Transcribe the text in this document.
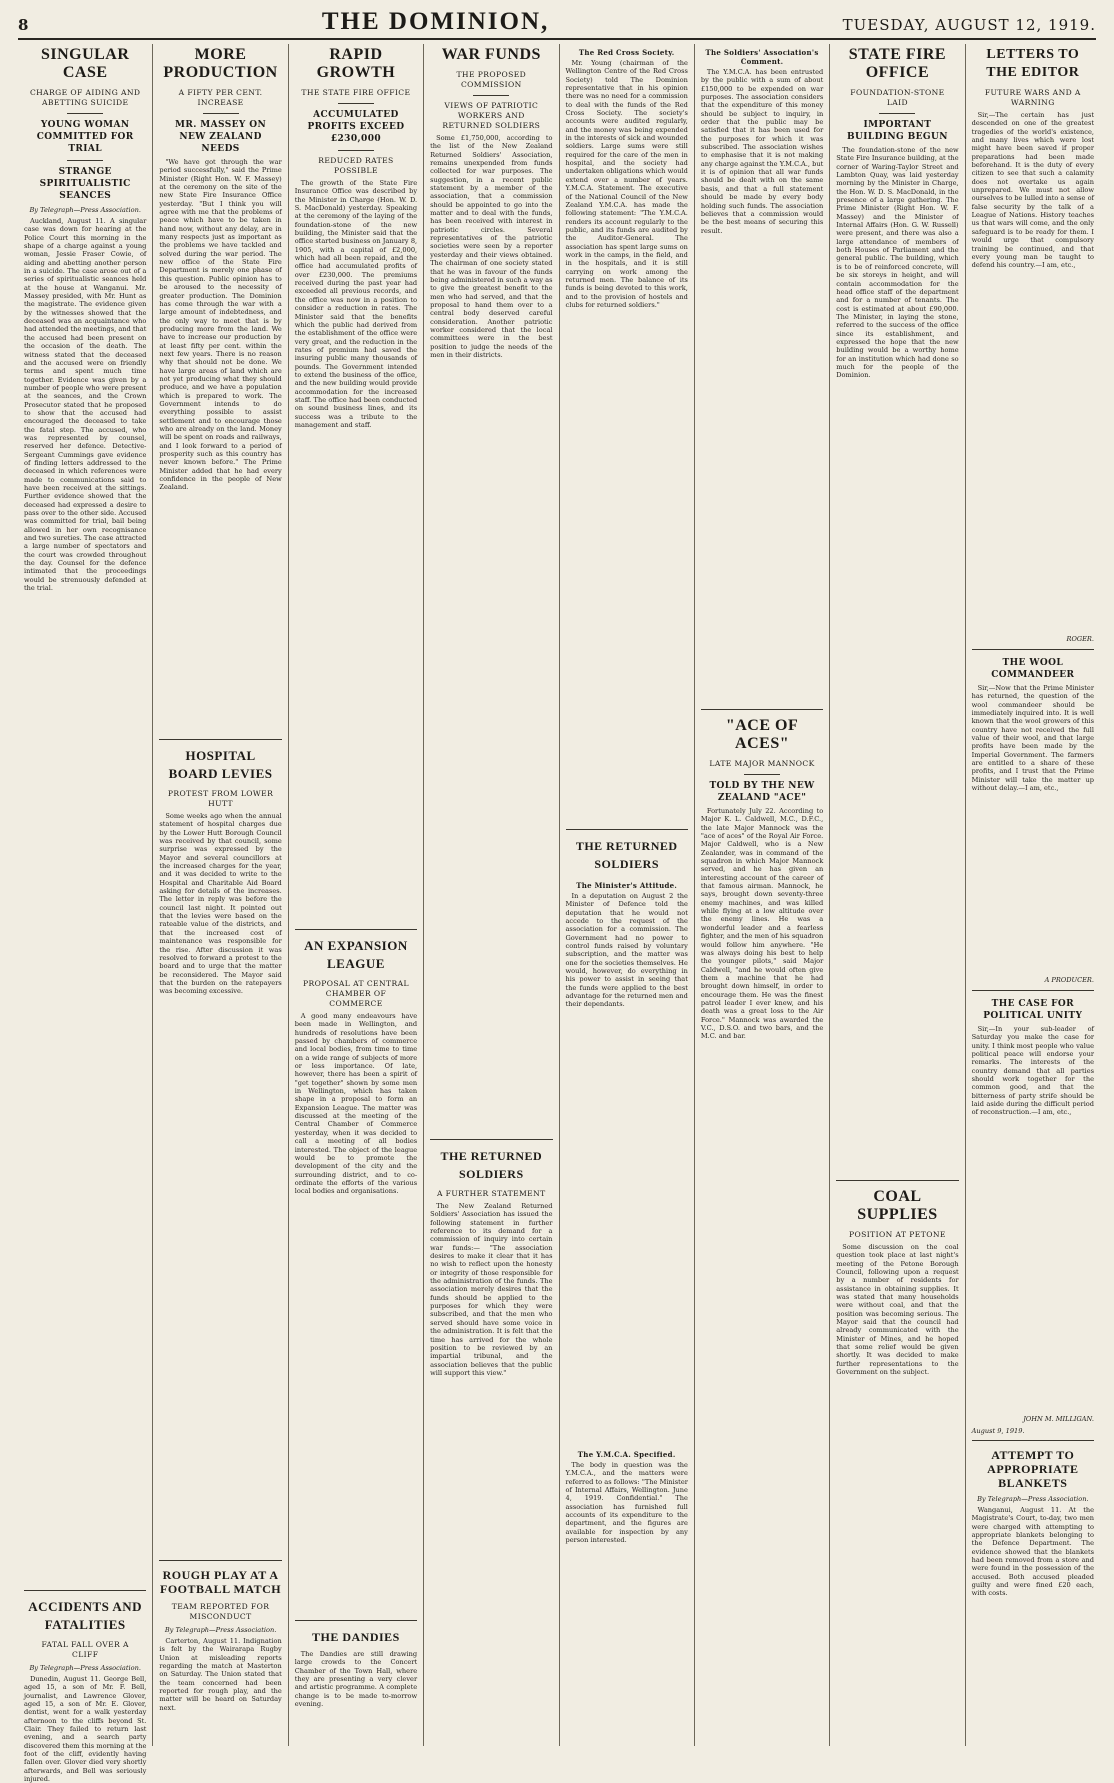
8	THE DOMINION,	TUESDAY, AUGUST 12, 1919.
SINGULAR CASE
CHARGE OF AIDING AND ABETTING SUICIDE
YOUNG WOMAN COMMITTED FOR TRIAL
STRANGE SPIRITUALISTIC SEANCES
By Telegraph—Press Association.

Auckland, August 11. A singular case was down for hearing at the Police Court this morning in the shape of a charge against a young woman, Jessie Fraser Cowie, of aiding and abetting another person in a suicide. The case arose out of a series of spiritualistic seances held at the house at Wanganui. Mr. Massey presided, with Mr. Hunt as the magistrate. The evidence given by the witnesses showed that the deceased was an acquaintance who had attended the meetings, and that the accused had been present on the occasion of the death. The witness stated that the deceased and the accused were on friendly terms and spent much time together. Evidence was given by a number of people who were present at the seances, and the Crown Prosecutor stated that he proposed to show that the accused had encouraged the deceased to take the fatal step. The accused, who was represented by counsel, reserved her defence. Detective-Sergeant Cummings gave evidence of finding letters addressed to the deceased in which references were made to communications said to have been received at the sittings. Further evidence showed that the deceased had expressed a desire to pass over to the other side. Accused was committed for trial, bail being allowed in her own recognisance and two sureties. The case attracted a large number of spectators and the court was crowded throughout the day. Counsel for the defence intimated that the proceedings would be strenuously defended at the trial.

ACCIDENTS AND FATALITIES
FATAL FALL OVER A CLIFF
By Telegraph—Press Association.

Dunedin, August 11. George Bell, aged 15, a son of Mr. F. Bell, journalist, and Lawrence Glover, aged 15, a son of Mr. E. Glover, dentist, went for a walk yesterday afternoon to the cliffs beyond St. Clair. They failed to return last evening, and a search party discovered them this morning at the foot of the cliff, evidently having fallen over. Glover died very shortly afterwards, and Bell was seriously injured.

MORE PRODUCTION
A FIFTY PER CENT. INCREASE
MR. MASSEY ON NEW ZEALAND NEEDS

"We have got through the war period successfully," said the Prime Minister (Right Hon. W. F. Massey) at the ceremony on the site of the new State Fire Insurance Office yesterday. "But I think you will agree with me that the problems of peace which have to be taken in hand now, without any delay, are in many respects just as important as the problems we have tackled and solved during the war period. The new office of the State Fire Department is merely one phase of this question. Public opinion has to be aroused to the necessity of greater production. The Dominion has come through the war with a large amount of indebtedness, and the only way to meet that is by producing more from the land. We have to increase our production by at least fifty per cent. within the next few years. There is no reason why that should not be done. We have large areas of land which are not yet producing what they should produce, and we have a population which is prepared to work. The Government intends to do everything possible to assist settlement and to encourage those who are already on the land. Money will be spent on roads and railways, and I look forward to a period of prosperity such as this country has never known before." The Prime Minister added that he had every confidence in the people of New Zealand.

HOSPITAL BOARD LEVIES
PROTEST FROM LOWER HUTT

Some weeks ago when the annual statement of hospital charges due by the Lower Hutt Borough Council was received by that council, some surprise was expressed by the Mayor and several councillors at the increased charges for the year, and it was decided to write to the Hospital and Charitable Aid Board asking for details of the increases. The letter in reply was before the council last night. It pointed out that the levies were based on the rateable value of the districts, and that the increased cost of maintenance was responsible for the rise. After discussion it was resolved to forward a protest to the board and to urge that the matter be reconsidered. The Mayor said that the burden on the ratepayers was becoming excessive.

ROUGH PLAY AT A FOOTBALL MATCH
TEAM REPORTED FOR MISCONDUCT
By Telegraph—Press Association.

Carterton, August 11. Indignation is felt by the Wairarapa Rugby Union at misleading reports regarding the match at Masterton on Saturday. The Union stated that the team concerned had been reported for rough play, and the matter will be heard on Saturday next.

RAPID GROWTH
THE STATE FIRE OFFICE
ACCUMULATED PROFITS EXCEED £230,000
REDUCED RATES POSSIBLE

The growth of the State Fire Insurance Office was described by the Minister in Charge (Hon. W. D. S. MacDonald) yesterday. Speaking at the ceremony of the laying of the foundation-stone of the new building, the Minister said that the office started business on January 8, 1905, with a capital of £2,000, which had all been repaid, and the office had accumulated profits of over £230,000. The premiums received during the past year had exceeded all previous records, and the office was now in a position to consider a reduction in rates. The Minister said that the benefits which the public had derived from the establishment of the office were very great, and the reduction in the rates of premium had saved the insuring public many thousands of pounds. The Government intended to extend the business of the office, and the new building would provide accommodation for the increased staff. The office had been conducted on sound business lines, and its success was a tribute to the management and staff.

AN EXPANSION LEAGUE
PROPOSAL AT CENTRAL CHAMBER OF COMMERCE

A good many endeavours have been made in Wellington, and hundreds of resolutions have been passed by chambers of commerce and local bodies, from time to time on a wide range of subjects of more or less importance. Of late, however, there has been a spirit of "get together" shown by some men in Wellington, which has taken shape in a proposal to form an Expansion League. The matter was discussed at the meeting of the Central Chamber of Commerce yesterday, when it was decided to call a meeting of all bodies interested. The object of the league would be to promote the development of the city and the surrounding district, and to co-ordinate the efforts of the various local bodies and organisations.

THE DANDIES

The Dandies are still drawing large crowds to the Concert Chamber of the Town Hall, where they are presenting a very clever and artistic programme. A complete change is to be made to-morrow evening.

WAR FUNDS
THE PROPOSED COMMISSION
VIEWS OF PATRIOTIC WORKERS AND RETURNED SOLDIERS

Some £1,750,000, according to the list of the New Zealand Returned Soldiers' Association, remains unexpended from funds collected for war purposes. The suggestion, in a recent public statement by a member of the association, that a commission should be appointed to go into the matter and to deal with the funds, has been received with interest in patriotic circles. Several representatives of the patriotic societies were seen by a reporter yesterday and their views obtained. The chairman of one society stated that he was in favour of the funds being administered in such a way as to give the greatest benefit to the men who had served, and that the proposal to hand them over to a central body deserved careful consideration. Another patriotic worker considered that the local committees were in the best position to judge the needs of the men in their districts.

THE RETURNED SOLDIERS
A FURTHER STATEMENT

The New Zealand Returned Soldiers' Association has issued the following statement in further reference to its demand for a commission of inquiry into certain war funds:— "The association desires to make it clear that it has no wish to reflect upon the honesty or integrity of those responsible for the administration of the funds. The association merely desires that the funds should be applied to the purposes for which they were subscribed, and that the men who served should have some voice in the administration. It is felt that the time has arrived for the whole position to be reviewed by an impartial tribunal, and the association believes that the public will support this view."

The Red Cross Society.

Mr. Young (chairman of the Wellington Centre of the Red Cross Society) told The Dominion representative that in his opinion there was no need for a commission to deal with the funds of the Red Cross Society. The society's accounts were audited regularly, and the money was being expended in the interests of sick and wounded soldiers. Large sums were still required for the care of the men in hospital, and the society had undertaken obligations which would extend over a number of years. Y.M.C.A. Statement. The executive of the National Council of the New Zealand Y.M.C.A. has made the following statement: "The Y.M.C.A. renders its account regularly to the public, and its funds are audited by the Auditor-General. The association has spent large sums on work in the camps, in the field, and in the hospitals, and it is still carrying on work among the returned men. The balance of its funds is being devoted to this work, and to the provision of hostels and clubs for returned soldiers."

THE RETURNED SOLDIERS
The Minister's Attitude.

In a deputation on August 2 the Minister of Defence told the deputation that he would not accede to the request of the association for a commission. The Government had no power to control funds raised by voluntary subscription, and the matter was one for the societies themselves. He would, however, do everything in his power to assist in seeing that the funds were applied to the best advantage for the returned men and their dependants.

The Y.M.C.A. Specified.

The body in question was the Y.M.C.A., and the matters were referred to as follows: "The Minister of Internal Affairs, Wellington. June 4, 1919. Confidential." The association has furnished full accounts of its expenditure to the department, and the figures are available for inspection by any person interested.

The Soldiers' Association's Comment.

The Y.M.C.A. has been entrusted by the public with a sum of about £150,000 to be expended on war purposes. The association considers that the expenditure of this money should be subject to inquiry, in order that the public may be satisfied that it has been used for the purposes for which it was subscribed. The association wishes to emphasise that it is not making any charge against the Y.M.C.A., but it is of opinion that all war funds should be dealt with on the same basis, and that a full statement should be made by every body holding such funds. The association believes that a commission would be the best means of securing this result.

"ACE OF ACES"
LATE MAJOR MANNOCK
TOLD BY THE NEW ZEALAND "ACE"

Fortunately July 22. According to Major K. L. Caldwell, M.C., D.F.C., the late Major Mannock was the "ace of aces" of the Royal Air Force. Major Caldwell, who is a New Zealander, was in command of the squadron in which Major Mannock served, and he has given an interesting account of the career of that famous airman. Mannock, he says, brought down seventy-three enemy machines, and was killed while flying at a low altitude over the enemy lines. He was a wonderful leader and a fearless fighter, and the men of his squadron would follow him anywhere. "He was always doing his best to help the younger pilots," said Major Caldwell, "and he would often give them a machine that he had brought down himself, in order to encourage them. He was the finest patrol leader I ever knew, and his death was a great loss to the Air Force." Mannock was awarded the V.C., D.S.O. and two bars, and the M.C. and bar.

STATE FIRE OFFICE
FOUNDATION-STONE LAID
IMPORTANT BUILDING BEGUN

The foundation-stone of the new State Fire Insurance building, at the corner of Waring-Taylor Street and Lambton Quay, was laid yesterday morning by the Minister in Charge, the Hon. W. D. S. MacDonald, in the presence of a large gathering. The Prime Minister (Right Hon. W. F. Massey) and the Minister of Internal Affairs (Hon. G. W. Russell) were present, and there was also a large attendance of members of both Houses of Parliament and the general public. The building, which is to be of reinforced concrete, will be six storeys in height, and will contain accommodation for the head office staff of the department and for a number of tenants. The cost is estimated at about £90,000. The Minister, in laying the stone, referred to the success of the office since its establishment, and expressed the hope that the new building would be a worthy home for an institution which had done so much for the people of the Dominion.

COAL SUPPLIES
POSITION AT PETONE

Some discussion on the coal question took place at last night's meeting of the Petone Borough Council, following upon a request by a number of residents for assistance in obtaining supplies. It was stated that many households were without coal, and that the position was becoming serious. The Mayor said that the council had already communicated with the Minister of Mines, and he hoped that some relief would be given shortly. It was decided to make further representations to the Government on the subject.

LETTERS TO THE EDITOR
FUTURE WARS AND A WARNING

Sir,—The certain has just descended on one of the greatest tragedies of the world's existence, and many lives which were lost might have been saved if proper preparations had been made beforehand. It is the duty of every citizen to see that such a calamity does not overtake us again unprepared. We must not allow ourselves to be lulled into a sense of false security by the talk of a League of Nations. History teaches us that wars will come, and the only safeguard is to be ready for them. I would urge that compulsory training be continued, and that every young man be taught to defend his country.—I am, etc.,

ROGER.
THE WOOL COMMANDEER

Sir,—Now that the Prime Minister has returned, the question of the wool commandeer should be immediately inquired into. It is well known that the wool growers of this country have not received the full value of their wool, and that large profits have been made by the Imperial Government. The farmers are entitled to a share of these profits, and I trust that the Prime Minister will take the matter up without delay.—I am, etc.,

A PRODUCER.
THE CASE FOR POLITICAL UNITY

Sir,—In your sub-leader of Saturday you make the case for unity. I think most people who value political peace will endorse your remarks. The interests of the country demand that all parties should work together for the common good, and that the bitterness of party strife should be laid aside during the difficult period of reconstruction.—I am, etc.,

JOHN M. MILLIGAN.
August 9, 1919.
ATTEMPT TO APPROPRIATE BLANKETS
By Telegraph—Press Association.

Wanganui, August 11. At the Magistrate's Court, to-day, two men were charged with attempting to appropriate blankets belonging to the Defence Department. The evidence showed that the blankets had been removed from a store and were found in the possession of the accused. Both accused pleaded guilty and were fined £20 each, with costs.
